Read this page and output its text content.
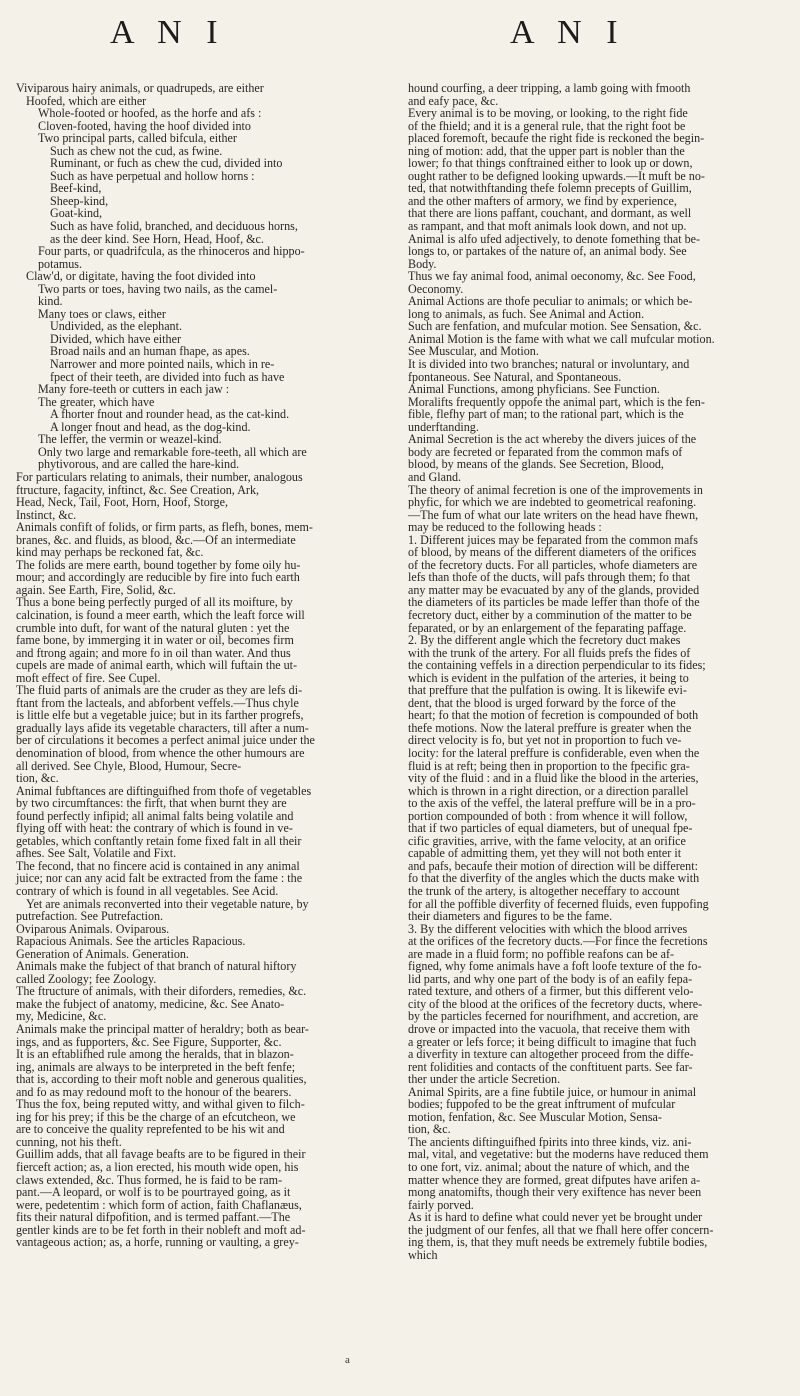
A N I	A N I

Viviparous hairy animals, or quadrupeds, are either

Hoofed, which are either

Whole-footed or hoofed, as the horfe and afs :

Cloven-footed, having the hoof divided into

Two principal parts, called bifcula, either

Such as chew not the cud, as fwine.

Ruminant, or fuch as chew the cud, divided into

Such as have perpetual and hollow horns :

Beef-kind,

Sheep-kind,

Goat-kind,

Such as have folid, branched, and deciduous horns,

as the deer kind. See Horn, Head, Hoof, &c.

Four parts, or quadrifcula, as the rhinoceros and hippo-

potamus.

Claw'd, or digitate, having the foot divided into

Two parts or toes, having two nails, as the camel-

kind.

Many toes or claws, either

Undivided, as the elephant.

Divided, which have either

Broad nails and an human fhape, as apes.

Narrower and more pointed nails, which in re-

fpect of their teeth, are divided into fuch as have

Many fore-teeth or cutters in each jaw :

The greater, which have

A fhorter fnout and rounder head, as the cat-kind.

A longer fnout and head, as the dog-kind.

The leffer, the vermin or weazel-kind.

Only two large and remarkable fore-teeth, all which are

phytivorous, and are called the hare-kind.

For particulars relating to animals, their number, analogous

ftructure, fagacity, inftinct, &c. See Creation, Ark,

Head, Neck, Tail, Foot, Horn, Hoof, Storge,

Instinct, &c.

Animals confift of folids, or firm parts, as flefh, bones, mem-

branes, &c. and fluids, as blood, &c.—Of an intermediate

kind may perhaps be reckoned fat, &c.

The folids are mere earth, bound together by fome oily hu-

mour; and accordingly are reducible by fire into fuch earth

again. See Earth, Fire, Solid, &c.

Thus a bone being perfectly purged of all its moifture, by

calcination, is found a meer earth, which the leaft force will

crumble into duft, for want of the natural gluten : yet the

fame bone, by immerging it in water or oil, becomes firm

and ftrong again; and more fo in oil than water. And thus

cupels are made of animal earth, which will fuftain the ut-

moft effect of fire. See Cupel.

The fluid parts of animals are the cruder as they are lefs di-

ftant from the lacteals, and abforbent veffels.—Thus chyle

is little elfe but a vegetable juice; but in its farther progrefs,

gradually lays afide its vegetable characters, till after a num-

ber of circulations it becomes a perfect animal juice under the

denomination of blood, from whence the other humours are

all derived. See Chyle, Blood, Humour, Secre-

tion, &c.

Animal fubftances are diftinguifhed from thofe of vegetables

by two circumftances: the firft, that when burnt they are

found perfectly infipid; all animal falts being volatile and

flying off with heat: the contrary of which is found in ve-

getables, which conftantly retain fome fixed falt in all their

afhes. See Salt, Volatile and Fixt.

The fecond, that no fincere acid is contained in any animal

juice; nor can any acid falt be extracted from the fame : the

contrary of which is found in all vegetables. See Acid.

Yet are animals reconverted into their vegetable nature, by

putrefaction. See Putrefaction.

Oviparous Animals. Oviparous.

Rapacious Animals. See the articles Rapacious.

Generation of Animals. Generation.

Animals make the fubject of that branch of natural hiftory

called Zoology; fee Zoology.

The ftructure of animals, with their diforders, remedies, &c.

make the fubject of anatomy, medicine, &c. See Anato-

my, Medicine, &c.

Animals make the principal matter of heraldry; both as bear-

ings, and as fupporters, &c. See Figure, Supporter, &c.

It is an eftablifhed rule among the heralds, that in blazon-

ing, animals are always to be interpreted in the beft fenfe;

that is, according to their moft noble and generous qualities,

and fo as may redound moft to the honour of the bearers.

Thus the fox, being reputed witty, and withal given to filch-

ing for his prey; if this be the charge of an efcutcheon, we

are to conceive the quality reprefented to be his wit and

cunning, not his theft.

Guillim adds, that all favage beafts are to be figured in their

fierceft action; as, a lion erected, his mouth wide open, his

claws extended, &c. Thus formed, he is faid to be ram-

pant.—A leopard, or wolf is to be pourtrayed going, as it

were, pedetentim : which form of action, faith Chaflanæus,

fits their natural difpofition, and is termed paffant.—The

gentler kinds are to be fet forth in their nobleft and moft ad-

vantageous action; as, a horfe, running or vaulting, a grey-

hound courfing, a deer tripping, a lamb going with fmooth

and eafy pace, &c.

Every animal is to be moving, or looking, to the right fide

of the fhield; and it is a general rule, that the right foot be

placed foremoft, becaufe the right fide is reckoned the begin-

ning of motion: add, that the upper part is nobler than the

lower; fo that things conftrained either to look up or down,

ought rather to be defigned looking upwards.—It muft be no-

ted, that notwithftanding thefe folemn precepts of Guillim,

and the other mafters of armory, we find by experience,

that there are lions paffant, couchant, and dormant, as well

as rampant, and that moft animals look down, and not up.

Animal is alfo ufed adjectively, to denote fomething that be-

longs to, or partakes of the nature of, an animal body. See

Body.

Thus we fay animal food, animal oeconomy, &c. See Food,

Oeconomy.

Animal Actions are thofe peculiar to animals; or which be-

long to animals, as fuch. See Animal and Action.

Such are fenfation, and mufcular motion. See Sensation, &c.

Animal Motion is the fame with what we call mufcular motion.

See Muscular, and Motion.

It is divided into two branches; natural or involuntary, and

fpontaneous. See Natural, and Spontaneous.

Animal Functions, among phyficians. See Function.

Moralifts frequently oppofe the animal part, which is the fen-

fible, flefhy part of man; to the rational part, which is the

underftanding.

Animal Secretion is the act whereby the divers juices of the

body are fecreted or feparated from the common mafs of

blood, by means of the glands. See Secretion, Blood,

and Gland.

The theory of animal fecretion is one of the improvements in

phyfic, for which we are indebted to geometrical reafoning.

—The fum of what our late writers on the head have fhewn,

may be reduced to the following heads :

1. Different juices may be feparated from the common mafs

of blood, by means of the different diameters of the orifices

of the fecretory ducts. For all particles, whofe diameters are

lefs than thofe of the ducts, will pafs through them; fo that

any matter may be evacuated by any of the glands, provided

the diameters of its particles be made leffer than thofe of the

fecretory duct, either by a comminution of the matter to be

feparated, or by an enlargement of the feparating paffage.

2. By the different angle which the fecretory duct makes

with the trunk of the artery. For all fluids prefs the fides of

the containing veffels in a direction perpendicular to its fides;

which is evident in the pulfation of the arteries, it being to

that preffure that the pulfation is owing. It is likewife evi-

dent, that the blood is urged forward by the force of the

heart; fo that the motion of fecretion is compounded of both

thefe motions. Now the lateral preffure is greater when the

direct velocity is fo, but yet not in proportion to fuch ve-

locity: for the lateral preffure is confiderable, even when the

fluid is at reft; being then in proportion to the fpecific gra-

vity of the fluid : and in a fluid like the blood in the arteries,

which is thrown in a right direction, or a direction parallel

to the axis of the veffel, the lateral preffure will be in a pro-

portion compounded of both : from whence it will follow,

that if two particles of equal diameters, but of unequal fpe-

cific gravities, arrive, with the fame velocity, at an orifice

capable of admitting them, yet they will not both enter it

and pafs, becaufe their motion of direction will be different:

fo that the diverfity of the angles which the ducts make with

the trunk of the artery, is altogether neceffary to account

for all the poffible diverfity of fecerned fluids, even fuppofing

their diameters and figures to be the fame.

3. By the different velocities with which the blood arrives

at the orifices of the fecretory ducts.—For fince the fecretions

are made in a fluid form; no poffible reafons can be af-

figned, why fome animals have a foft loofe texture of the fo-

lid parts, and why one part of the body is of an eafily fepa-

rated texture, and others of a firmer, but this different velo-

city of the blood at the orifices of the fecretory ducts, where-

by the particles fecerned for nourifhment, and accretion, are

drove or impacted into the vacuola, that receive them with

a greater or lefs force; it being difficult to imagine that fuch

a diverfity in texture can altogether proceed from the diffe-

rent folidities and contacts of the conftituent parts. See far-

ther under the article Secretion.

Animal Spirits, are a fine fubtile juice, or humour in animal

bodies; fuppofed to be the great inftrument of mufcular

motion, fenfation, &c. See Muscular Motion, Sensa-

tion, &c.

The ancients diftinguifhed fpirits into three kinds, viz. ani-

mal, vital, and vegetative: but the moderns have reduced them

to one fort, viz. animal; about the nature of which, and the

matter whence they are formed, great difputes have arifen a-

mong anatomifts, though their very exiftence has never been

fairly porved.

As it is hard to define what could never yet be brought under

the judgment of our fenfes, all that we fhall here offer concern-

ing them, is, that they muft needs be extremely fubtile bodies,

which

a
